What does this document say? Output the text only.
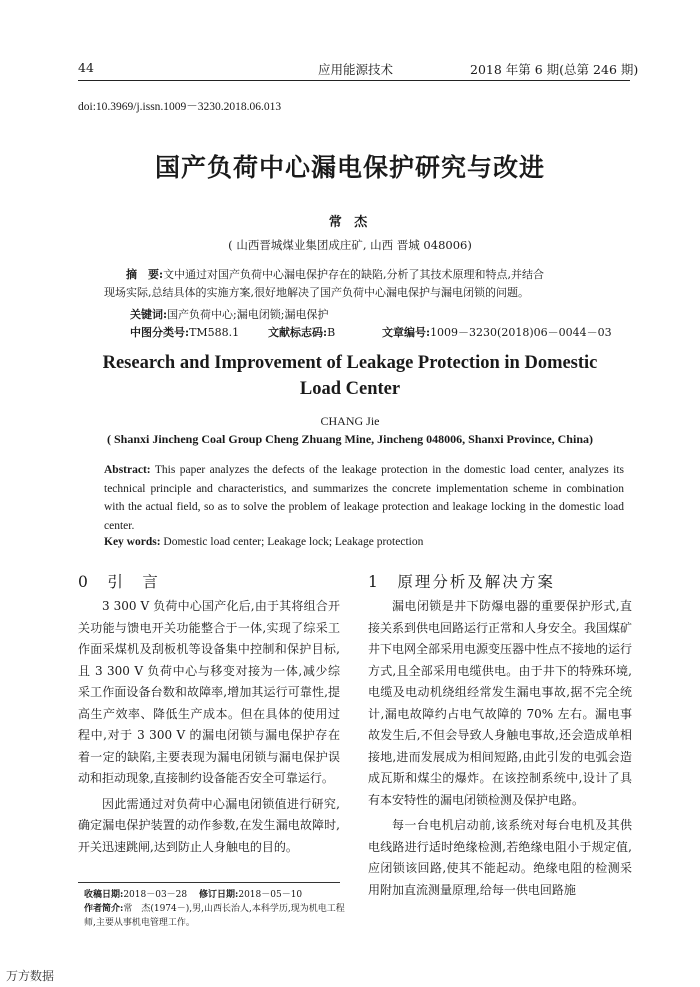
44	应用能源技术	2018 年第 6 期(总第 246 期)
doi:10.3969/j.issn.1009－3230.2018.06.013
国产负荷中心漏电保护研究与改进
常 杰
( 山西晋城煤业集团成庄矿, 山西 晋城 048006)
摘　要:文中通过对国产负荷中心漏电保护存在的缺陷,分析了其技术原理和特点,并结合
现场实际,总结具体的实施方案,很好地解决了国产负荷中心漏电保护与漏电闭锁的问题。
关键词:国产负荷中心;漏电闭锁;漏电保护
中图分类号:TM588.1	文献标志码:B	文章编号:1009－3230(2018)06－0044－03
Research and Improvement of Leakage Protection in Domestic
Load Center
CHANG Jie
( Shanxi Jincheng Coal Group Cheng Zhuang Mine, Jincheng 048006, Shanxi Province, China)
Abstract: This paper analyzes the defects of the leakage protection in the domestic load center, analyzes its technical principle and characteristics, and summarizes the concrete implementation scheme in combination with the actual field, so as to solve the problem of leakage protection and leakage locking in the domestic load center.
Key words: Domestic load center; Leakage lock; Leakage protection
0　引　言	1　原理分析及解决方案

3 300 V 负荷中心国产化后,由于其将组合开关功能与馈电开关功能整合于一体,实现了综采工作面采煤机及刮板机等设备集中控制和保护目标,且 3 300 V 负荷中心与移变对接为一体,减少综采工作面设备台数和故障率,增加其运行可靠性,提高生产效率、降低生产成本。但在具体的使用过程中,对于 3 300 V 的漏电闭锁与漏电保护存在着一定的缺陷,主要表现为漏电闭锁与漏电保护误动和拒动现象,直接制约设备能否安全可靠运行。

因此需通过对负荷中心漏电闭锁值进行研究,确定漏电保护装置的动作参数,在发生漏电故障时,开关迅速跳闸,达到防止人身触电的目的。

漏电闭锁是井下防爆电器的重要保护形式,直接关系到供电回路运行正常和人身安全。我国煤矿井下电网全部采用电源变压器中性点不接地的运行方式,且全部采用电缆供电。由于井下的特殊环境,电缆及电动机绕组经常发生漏电事故,据不完全统计,漏电故障约占电气故障的 70% 左右。漏电事故发生后,不但会导致人身触电事故,还会造成单相接地,进而发展成为相间短路,由此引发的电弧会造成瓦斯和煤尘的爆炸。在该控制系统中,设计了具有本安特性的漏电闭锁检测及保护电路。

每一台电机启动前,该系统对每台电机及其供电线路进行适时绝缘检测,若绝缘电阻小于规定值,应闭锁该回路,使其不能起动。绝缘电阻的检测采用附加直流测量原理,给每一供电回路施

收稿日期:2018－03－28　 修订日期:2018－05－10
作者简介:常　杰(1974－),男,山西长治人,本科学历,现为机电工程师,主要从事机电管理工作。
万方数据
